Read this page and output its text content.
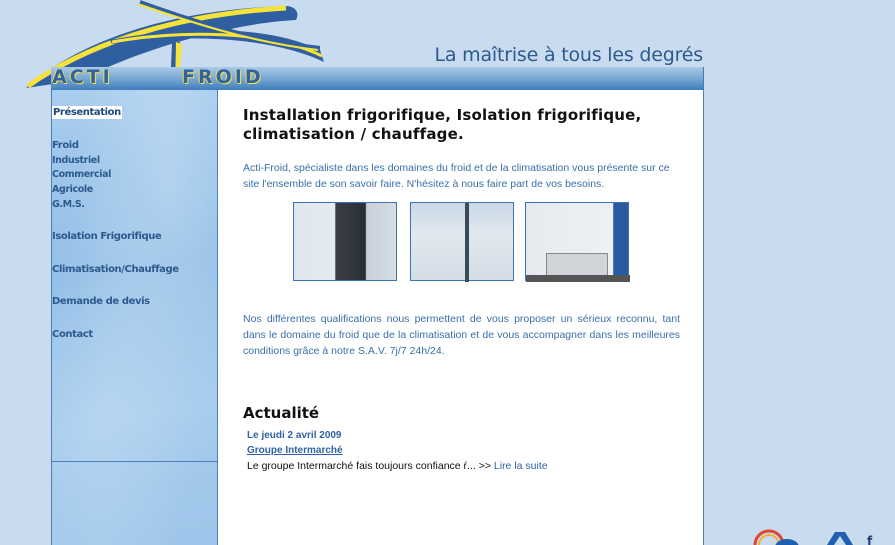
ACTI	FROID
La maîtrise à tous les degrés
Présentation
Froid
Industriel
Commercial
Agricole
G.M.S.
Isolation Frigorifique
Climatisation/Chauffage
Demande de devis
Contact
Installation frigorifique, Isolation frigorifique, climatisation / chauffage.

Acti-Froid, spécialiste dans les domaines du froid et de la climatisation vous présente sur ce site l'ensemble de son savoir faire. N'hésitez à nous faire part de vos besoins.

Nos différentes qualifications nous permettent de vous proposer un sérieux reconnu, tant dans le domaine du froid que de la climatisation et de vous accompagner dans les meilleures conditions grâce à notre S.A.V. 7j/7 24h/24.

Actualité
Le jeudi 2 avril 2009
Groupe Intermarché
Le groupe Intermarché fais toujours confiance ŕ... >> Lire la suite
f
